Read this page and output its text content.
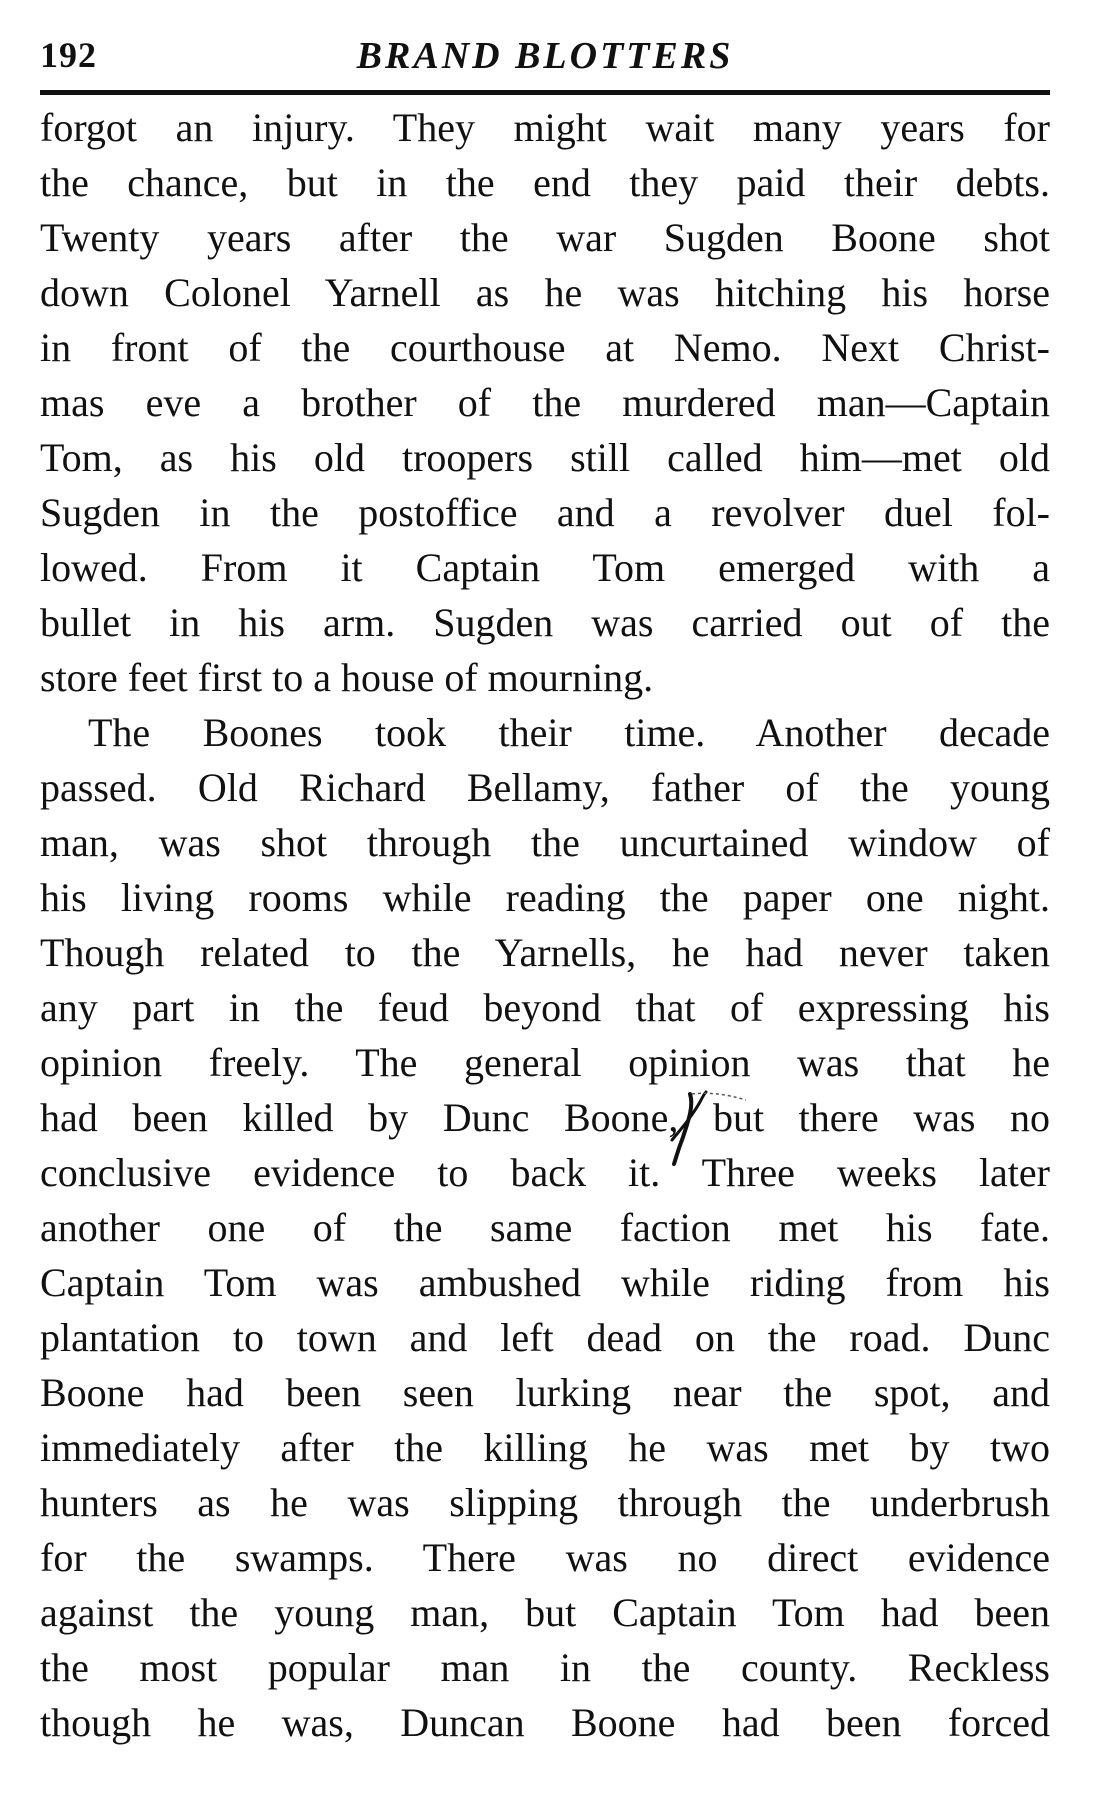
192	BRAND BLOTTERS
forgot an injury. They might wait many years for
the chance, but in the end they paid their debts.
Twenty years after the war Sugden Boone shot
down Colonel Yarnell as he was hitching his horse
in front of the courthouse at Nemo. Next Christ-
mas eve a brother of the murdered man—Captain
Tom, as his old troopers still called him—met old
Sugden in the postoffice and a revolver duel fol-
lowed. From it Captain Tom emerged with a
bullet in his arm. Sugden was carried out of the
store feet first to a house of mourning.
The Boones took their time. Another decade
passed. Old Richard Bellamy, father of the young
man, was shot through the uncurtained window of
his living rooms while reading the paper one night.
Though related to the Yarnells, he had never taken
any part in the feud beyond that of expressing his
opinion freely. The general opinion was that he
had been killed by Dunc Boone, but there was no
conclusive evidence to back it. Three weeks later
another one of the same faction met his fate.
Captain Tom was ambushed while riding from his
plantation to town and left dead on the road. Dunc
Boone had been seen lurking near the spot, and
immediately after the killing he was met by two
hunters as he was slipping through the underbrush
for the swamps. There was no direct evidence
against the young man, but Captain Tom had been
the most popular man in the county. Reckless
though he was, Duncan Boone had been forced
